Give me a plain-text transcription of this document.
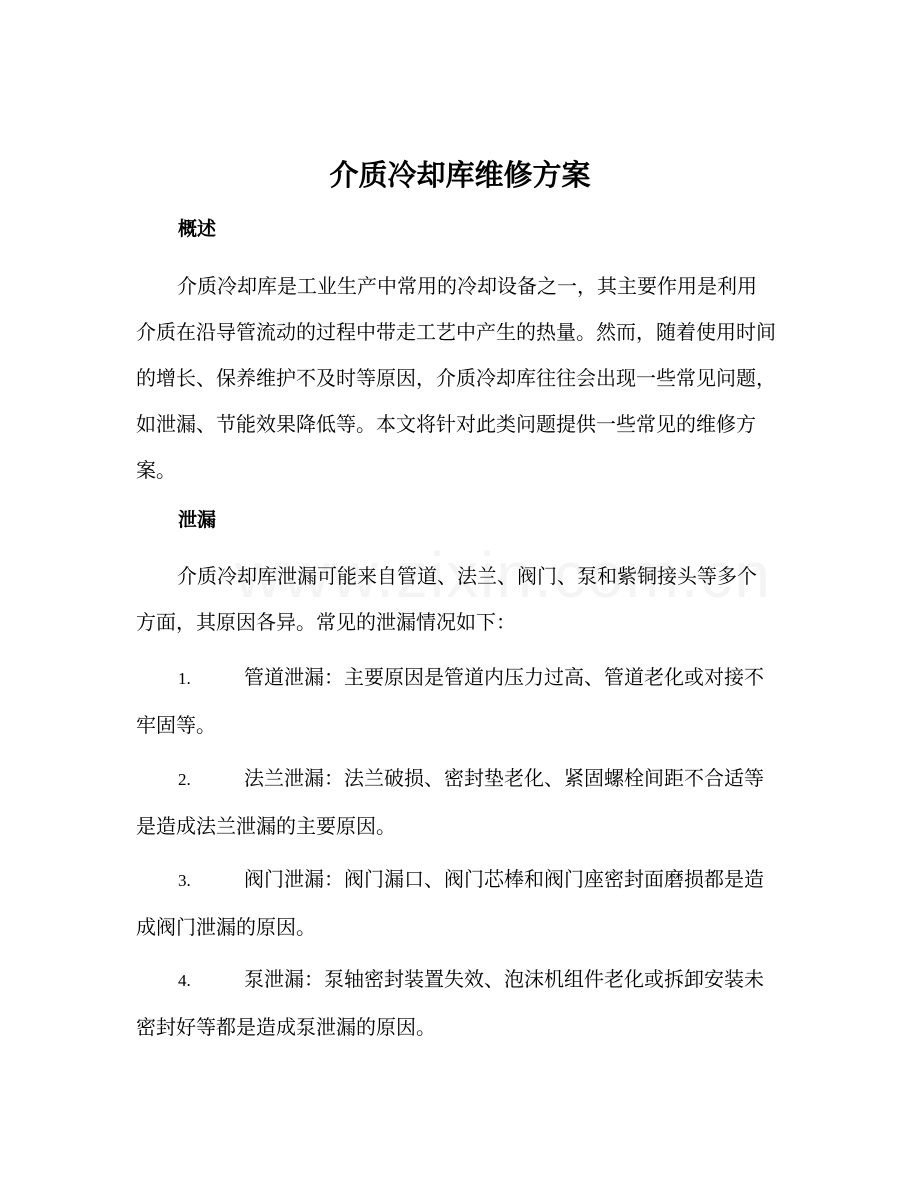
介质冷却库维修方案
概述

介质冷却库是工业生产中常用的冷却设备之一，其主要作用是利用介质在沿导管流动的过程中带走工艺中产生的热量。然而，随着使用时间的增长、保养维护不及时等原因，介质冷却库往往会出现一些常见问题，如泄漏、节能效果降低等。本文将针对此类问题提供一些常见的维修方案。

泄漏

介质冷却库泄漏可能来自管道、法兰、阀门、泵和紫铜接头等多个方面，其原因各异。常见的泄漏情况如下：

1.	管道泄漏：主要原因是管道内压力过高、管道老化或对接不牢固等。

2.	法兰泄漏：法兰破损、密封垫老化、紧固螺栓间距不合适等是造成法兰泄漏的主要原因。

3.	阀门泄漏：阀门漏口、阀门芯棒和阀门座密封面磨损都是造成阀门泄漏的原因。

4.	泵泄漏：泵轴密封装置失效、泡沫机组件老化或拆卸安装未密封好等都是造成泵泄漏的原因。
